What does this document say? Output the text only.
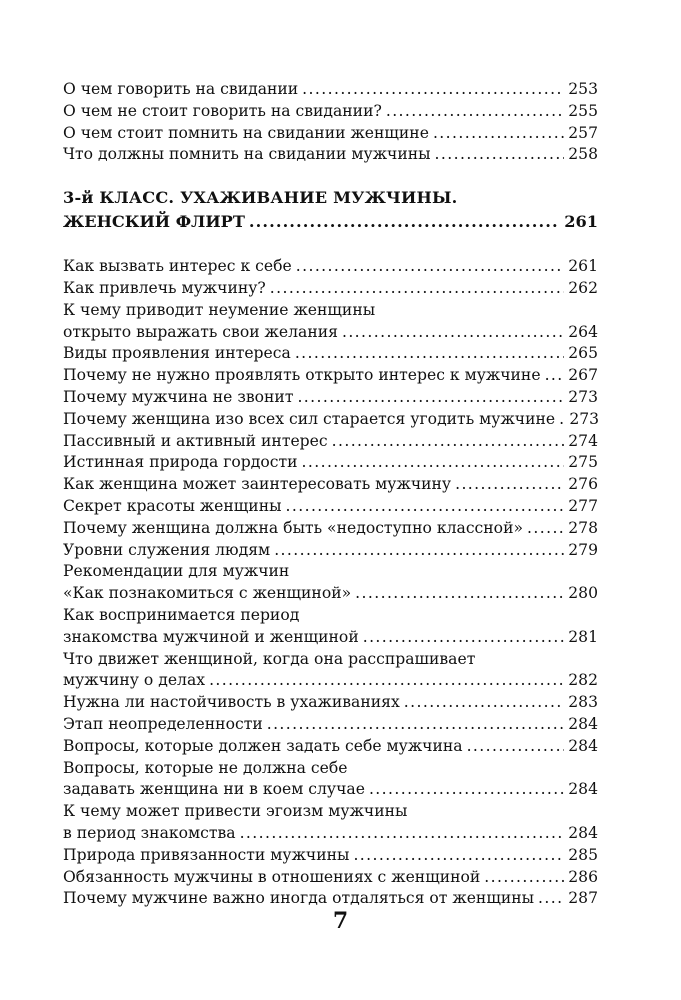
О чем говорить на свидании .....	253
О чем не стоит говорить на свидании? .....	255
О чем стоит помнить на свидании женщине .....	257
Что должны помнить на свидании мужчины .....	258
3-й КЛАСС. УХАЖИВАНИЕ МУЖЧИНЫ.
ЖЕНСКИЙ ФЛИРТ .....	261
Как вызвать интерес к себе .....	261
Как привлечь мужчину? .....	262
К чему приводит неумение женщины
открыто выражать свои желания .....	264
Виды проявления интереса .....	265
Почему не нужно проявлять открыто интерес к мужчине ..... 267
Почему мужчина не звонит .....	273
Почему женщина изо всех сил старается угодить мужчине ..... 273
Пассивный и активный интерес .....	274
Истинная природа гордости .....	275
Как женщина может заинтересовать мужчину .....	276
Секрет красоты женщины .....	277
Почему женщина должна быть «недоступно классной» .....	278
Уровни служения людям .....	279
Рекомендации для мужчин
«Как познакомиться с женщиной» .....	280
Как воспринимается период
знакомства мужчиной и женщиной .....	281
Что движет женщиной, когда она расспрашивает
мужчину о делах .....	282
Нужна ли настойчивость в ухаживаниях .....	283
Этап неопределенности .....	284
Вопросы, которые должен задать себе мужчина .....	284
Вопросы, которые не должна себе
задавать женщина ни в коем случае .....	284
К чему может привести эгоизм мужчины
в период знакомства .....	284
Природа привязанности мужчины .....	285
Обязанность мужчины в отношениях с женщиной .....	286
Почему мужчине важно иногда отдаляться от женщины ..... 287
7
